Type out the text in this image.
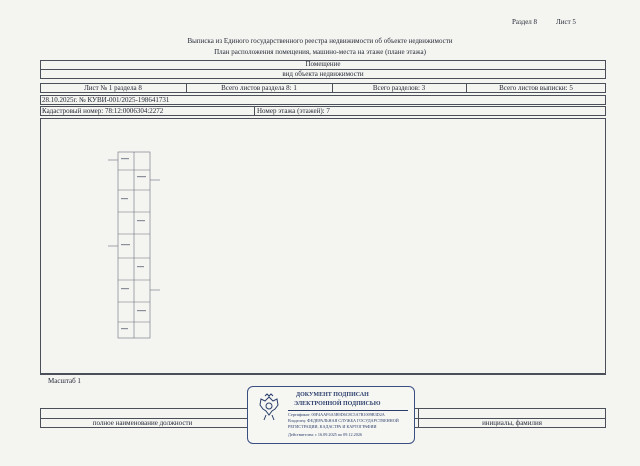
Раздел 8	Лист 5
Выписка из Единого государственного реестра недвижимости об объекте недвижимости
План расположения помещения, машино-места на этаже (плане этажа)
Помещение
вид объекта недвижимости
Лист № 1 раздела 8	Всего листов раздела 8: 1	Всего разделов: 3	Всего листов выписки: 5
28.10.2025г. № КУВИ-001/2025-198641731
Кадастровый номер: 78:12:0006304:2272	Номер этажа (этажей): 7
Масштаб 1
полное наименование должности	инициалы, фамилия
ДОКУМЕНТ ПОДПИСАН
ЭЛЕКТРОННОЙ ПОДПИСЬЮ
Сертификат: 00F4AAF6A5B9D6C8C5A7B1009B3D2A
Владелец: ФЕДЕРАЛЬНАЯ СЛУЖБА ГОСУДАРСТВЕННОЙ
РЕГИСТРАЦИИ, КАДАСТРА И КАРТОГРАФИИ
Действителен: с 16.09.2025 по 09.12.2026
